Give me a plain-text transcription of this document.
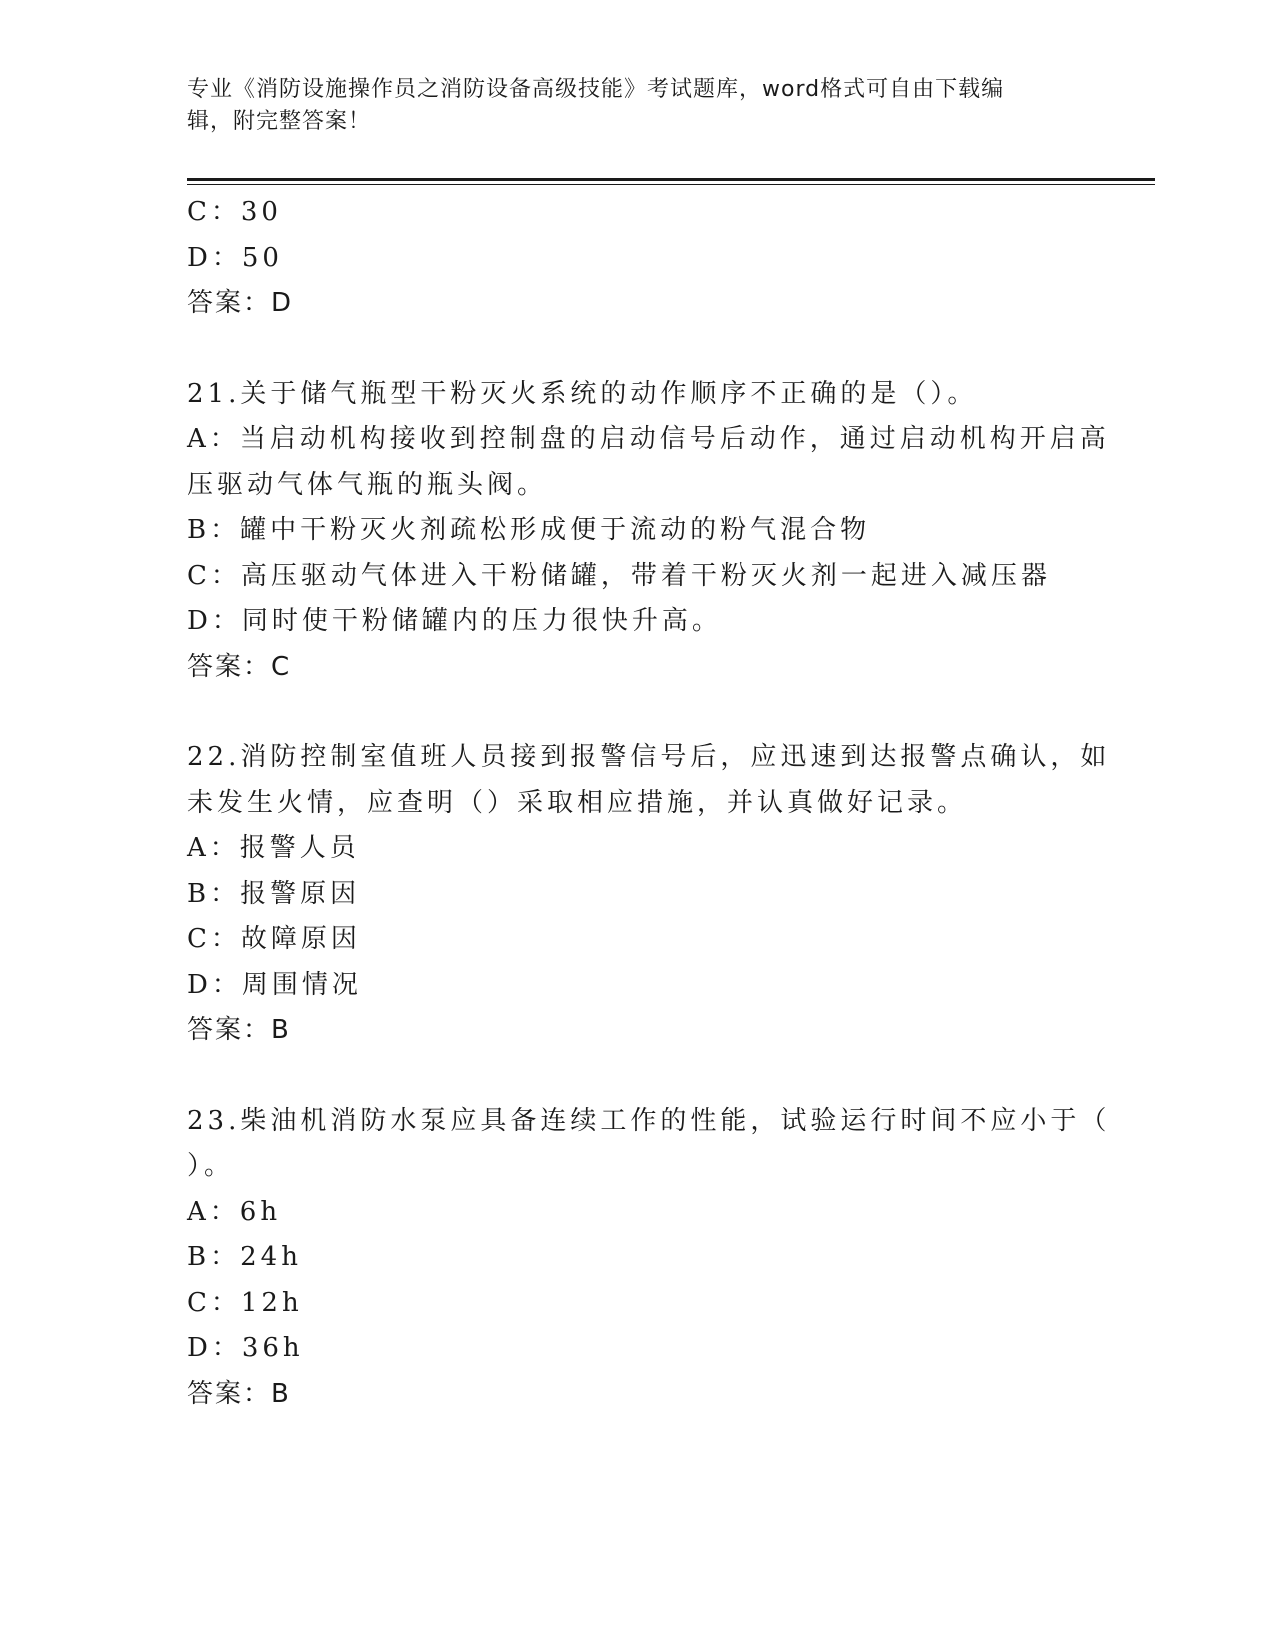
专业《消防设施操作员之消防设备高级技能》考试题库，word格式可自由下载编
辑，附完整答案！
C：30
D：50
答案：D
21.关于储气瓶型干粉灭火系统的动作顺序不正确的是（）。
A：当启动机构接收到控制盘的启动信号后动作，通过启动机构开启高
压驱动气体气瓶的瓶头阀。
B：罐中干粉灭火剂疏松形成便于流动的粉气混合物
C：高压驱动气体进入干粉储罐，带着干粉灭火剂一起进入减压器
D：同时使干粉储罐内的压力很快升高。
答案：C
22.消防控制室值班人员接到报警信号后，应迅速到达报警点确认，如
未发生火情，应查明（）采取相应措施，并认真做好记录。
A：报警人员
B：报警原因
C：故障原因
D：周围情况
答案：B
23.柴油机消防水泵应具备连续工作的性能，试验运行时间不应小于（
）。
A：6h
B：24h
C：12h
D：36h
答案：B
